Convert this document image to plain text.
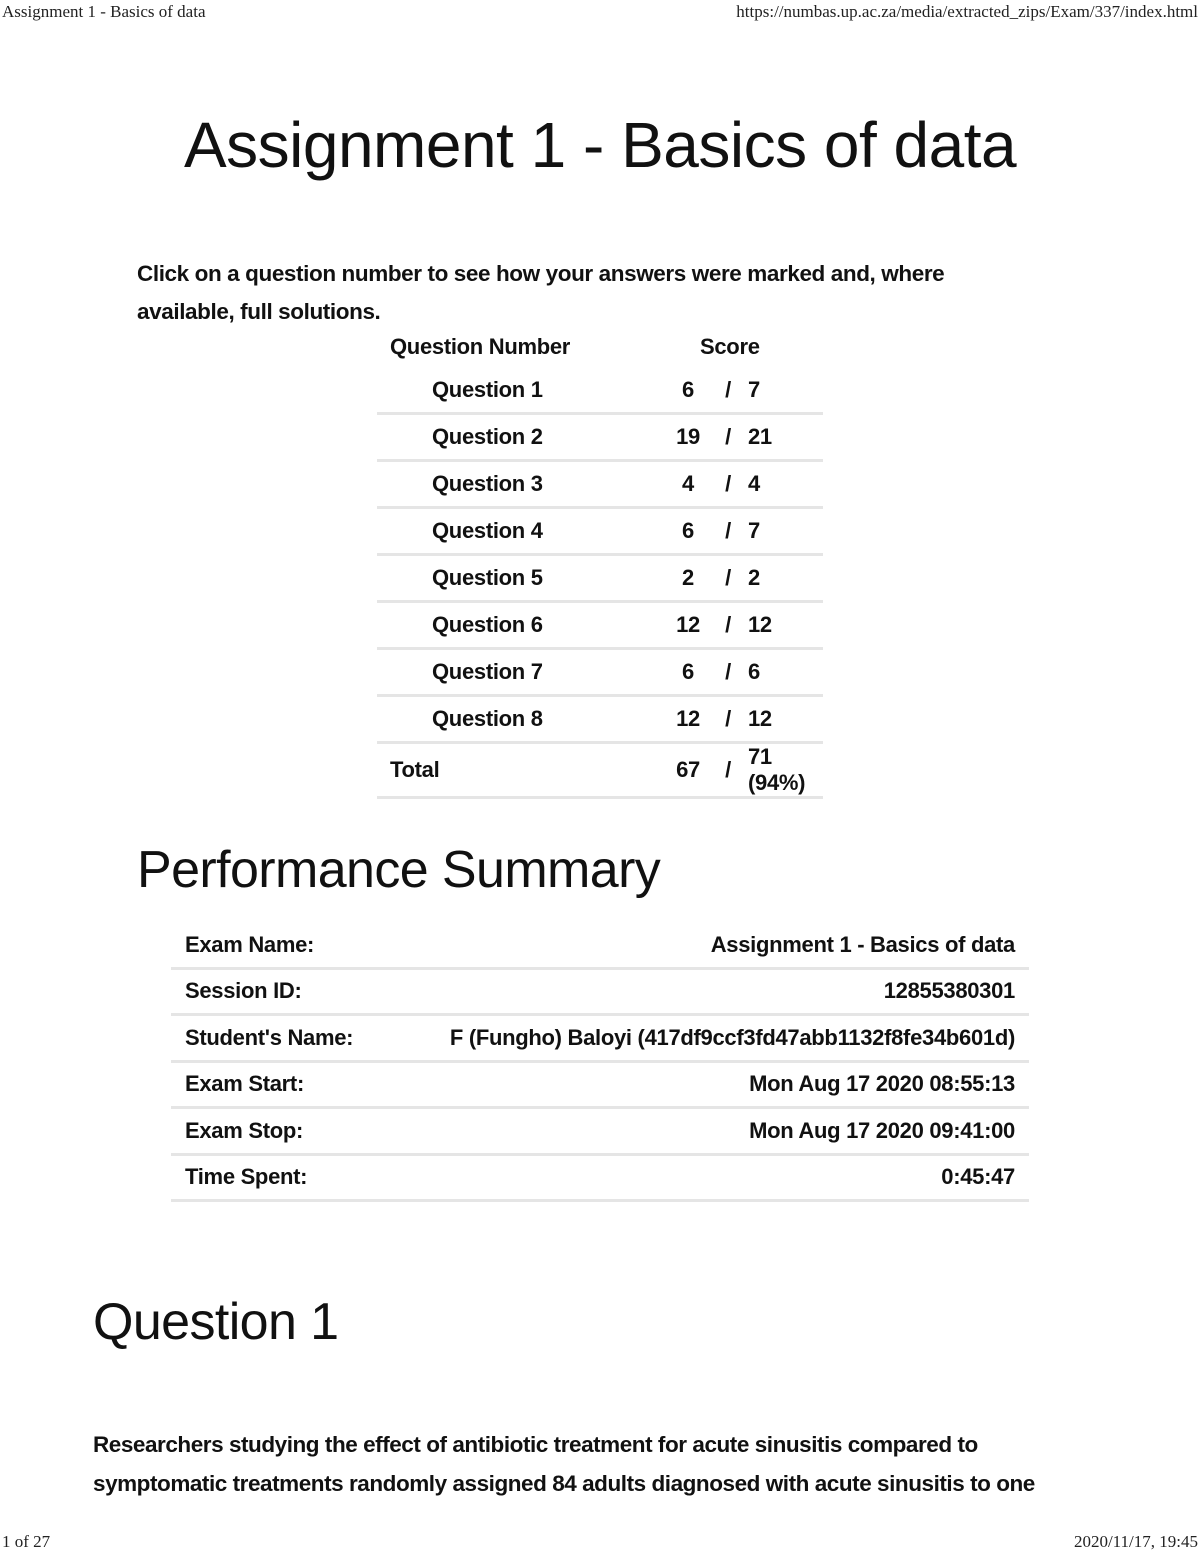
Assignment 1 - Basics of data	https://numbas.up.ac.za/media/extracted_zips/Exam/337/index.html
Assignment 1 - Basics of data

Click on a question number to see how your answers were marked and, where available, full solutions.

Question Number	Score		
Question 1	6	/	7
Question 2	19	/	21
Question 3	4	/	4
Question 4	6	/	7
Question 5	2	/	2
Question 6	12	/	12
Question 7	6	/	6
Question 8	12	/	12
Total	67	/	71 (94%)
Performance Summary
Exam Name:	Assignment 1 - Basics of data
Session ID:	12855380301
Student's Name:	F (Fungho) Baloyi (417df9ccf3fd47abb1132f8fe34b601d)
Exam Start:	Mon Aug 17 2020 08:55:13
Exam Stop:	Mon Aug 17 2020 09:41:00
Time Spent:	0:45:47
Question 1

Researchers studying the effect of antibiotic treatment for acute sinusitis compared to symptomatic treatments randomly assigned 84 adults diagnosed with acute sinusitis to one

1 of 27	2020/11/17, 19:45
